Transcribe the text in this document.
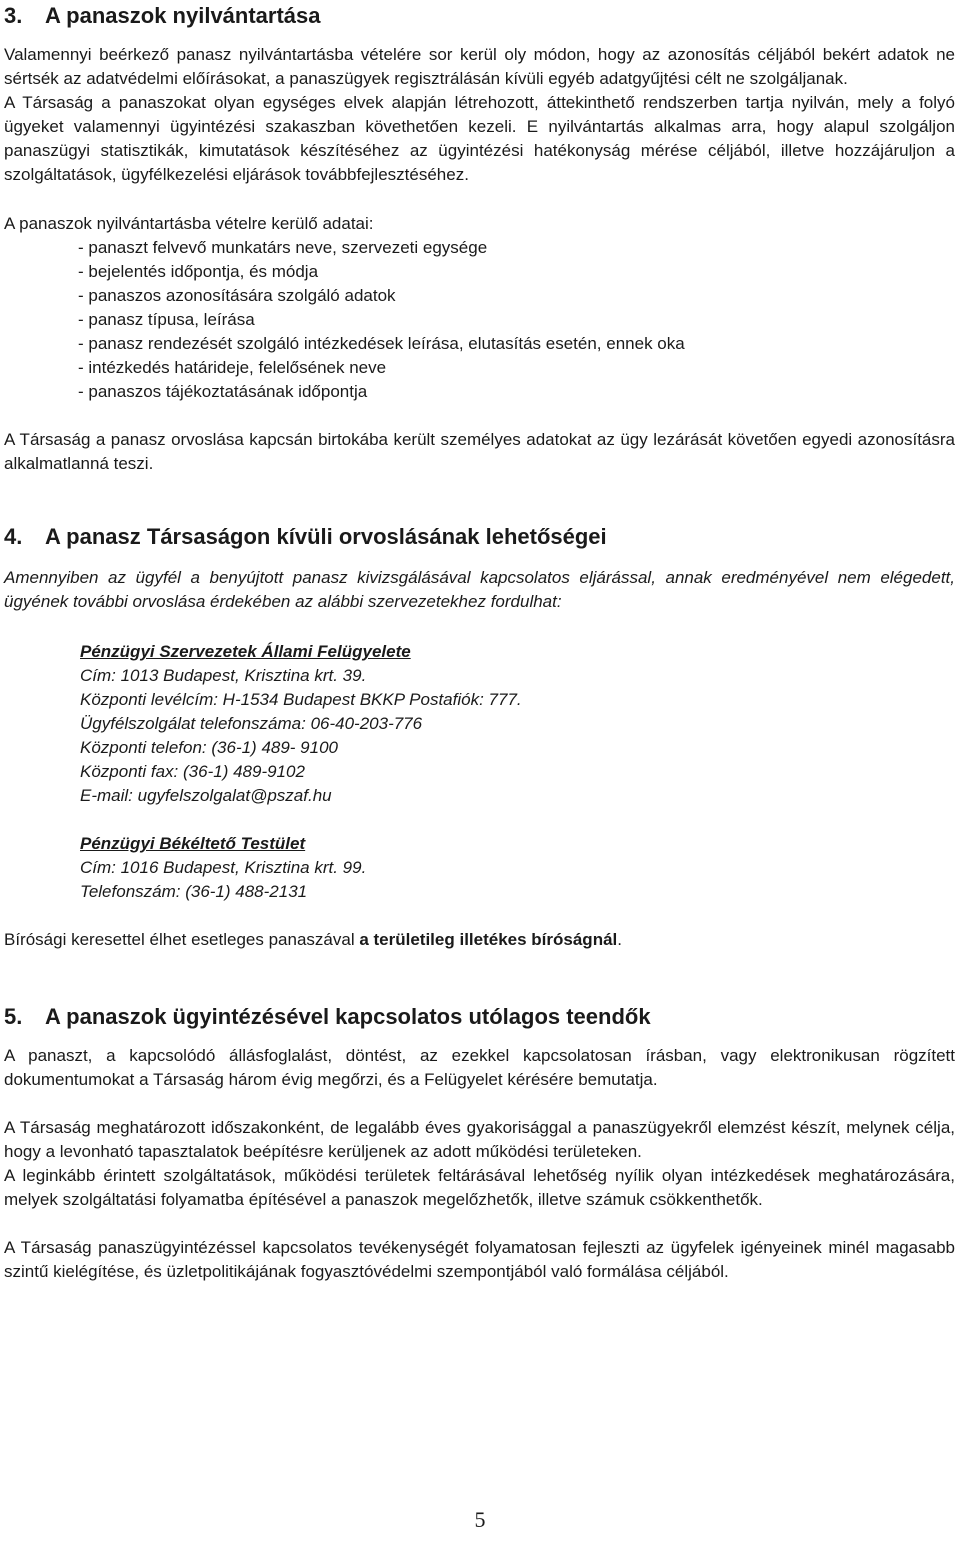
3. A panaszok nyilvántartása

Valamennyi beérkező panasz nyilvántartásba vételére sor kerül oly módon, hogy az azonosítás céljából bekért adatok ne sértsék az adatvédelmi előírásokat, a panaszügyek regisztrálásán kívüli egyéb adatgyűjtési célt ne szolgáljanak.

A Társaság a panaszokat olyan egységes elvek alapján létrehozott, áttekinthető rendszerben tartja nyilván, mely a folyó ügyeket valamennyi ügyintézési szakaszban követhetően kezeli. E nyilvántartás alkalmas arra, hogy alapul szolgáljon panaszügyi statisztikák, kimutatások készítéséhez az ügyintézési hatékonyság mérése céljából, illetve hozzájáruljon a szolgáltatások, ügyfélkezelési eljárások továbbfejlesztéséhez.

A panaszok nyilvántartásba vételre kerülő adatai:

- panaszt felvevő munkatárs neve, szervezeti egysége
- bejelentés időpontja, és módja
- panaszos azonosítására szolgáló adatok
- panasz típusa, leírása
- panasz rendezését szolgáló intézkedések leírása, elutasítás esetén, ennek oka
- intézkedés határideje, felelősének neve
- panaszos tájékoztatásának időpontja

A Társaság a panasz orvoslása kapcsán birtokába került személyes adatokat az ügy lezárását követően egyedi azonosításra alkalmatlanná teszi.

4. A panasz Társaságon kívüli orvoslásának lehetőségei

Amennyiben az ügyfél a benyújtott panasz kivizsgálásával kapcsolatos eljárással, annak eredményével nem elégedett, ügyének további orvoslása érdekében az alábbi szervezetekhez fordulhat:

Pénzügyi Szervezetek Állami Felügyelete
Cím: 1013 Budapest, Krisztina krt. 39.
Központi levélcím: H-1534 Budapest BKKP Postafiók: 777.
Ügyfélszolgálat telefonszáma: 06-40-203-776
Központi telefon: (36-1) 489- 9100
Központi fax: (36-1) 489-9102
E-mail: ugyfelszolgalat@pszaf.hu
Pénzügyi Békéltető Testület
Cím: 1016 Budapest, Krisztina krt. 99.
Telefonszám: (36-1) 488-2131

Bírósági keresettel élhet esetleges panaszával a területileg illetékes bíróságnál.

5. A panaszok ügyintézésével kapcsolatos utólagos teendők

A panaszt, a kapcsolódó állásfoglalást, döntést, az ezekkel kapcsolatosan írásban, vagy elektronikusan rögzített dokumentumokat a Társaság három évig megőrzi, és a Felügyelet kérésére bemutatja.

A Társaság meghatározott időszakonként, de legalább éves gyakorisággal a panaszügyekről elemzést készít, melynek célja, hogy a levonható tapasztalatok beépítésre kerüljenek az adott működési területeken.

A leginkább érintett szolgáltatások, működési területek feltárásával lehetőség nyílik olyan intézkedések meghatározására, melyek szolgáltatási folyamatba építésével a panaszok megelőzhetők, illetve számuk csökkenthetők.

A Társaság panaszügyintézéssel kapcsolatos tevékenységét folyamatosan fejleszti az ügyfelek igényeinek minél magasabb szintű kielégítése, és üzletpolitikájának fogyasztóvédelmi szempontjából való formálása céljából.

5
